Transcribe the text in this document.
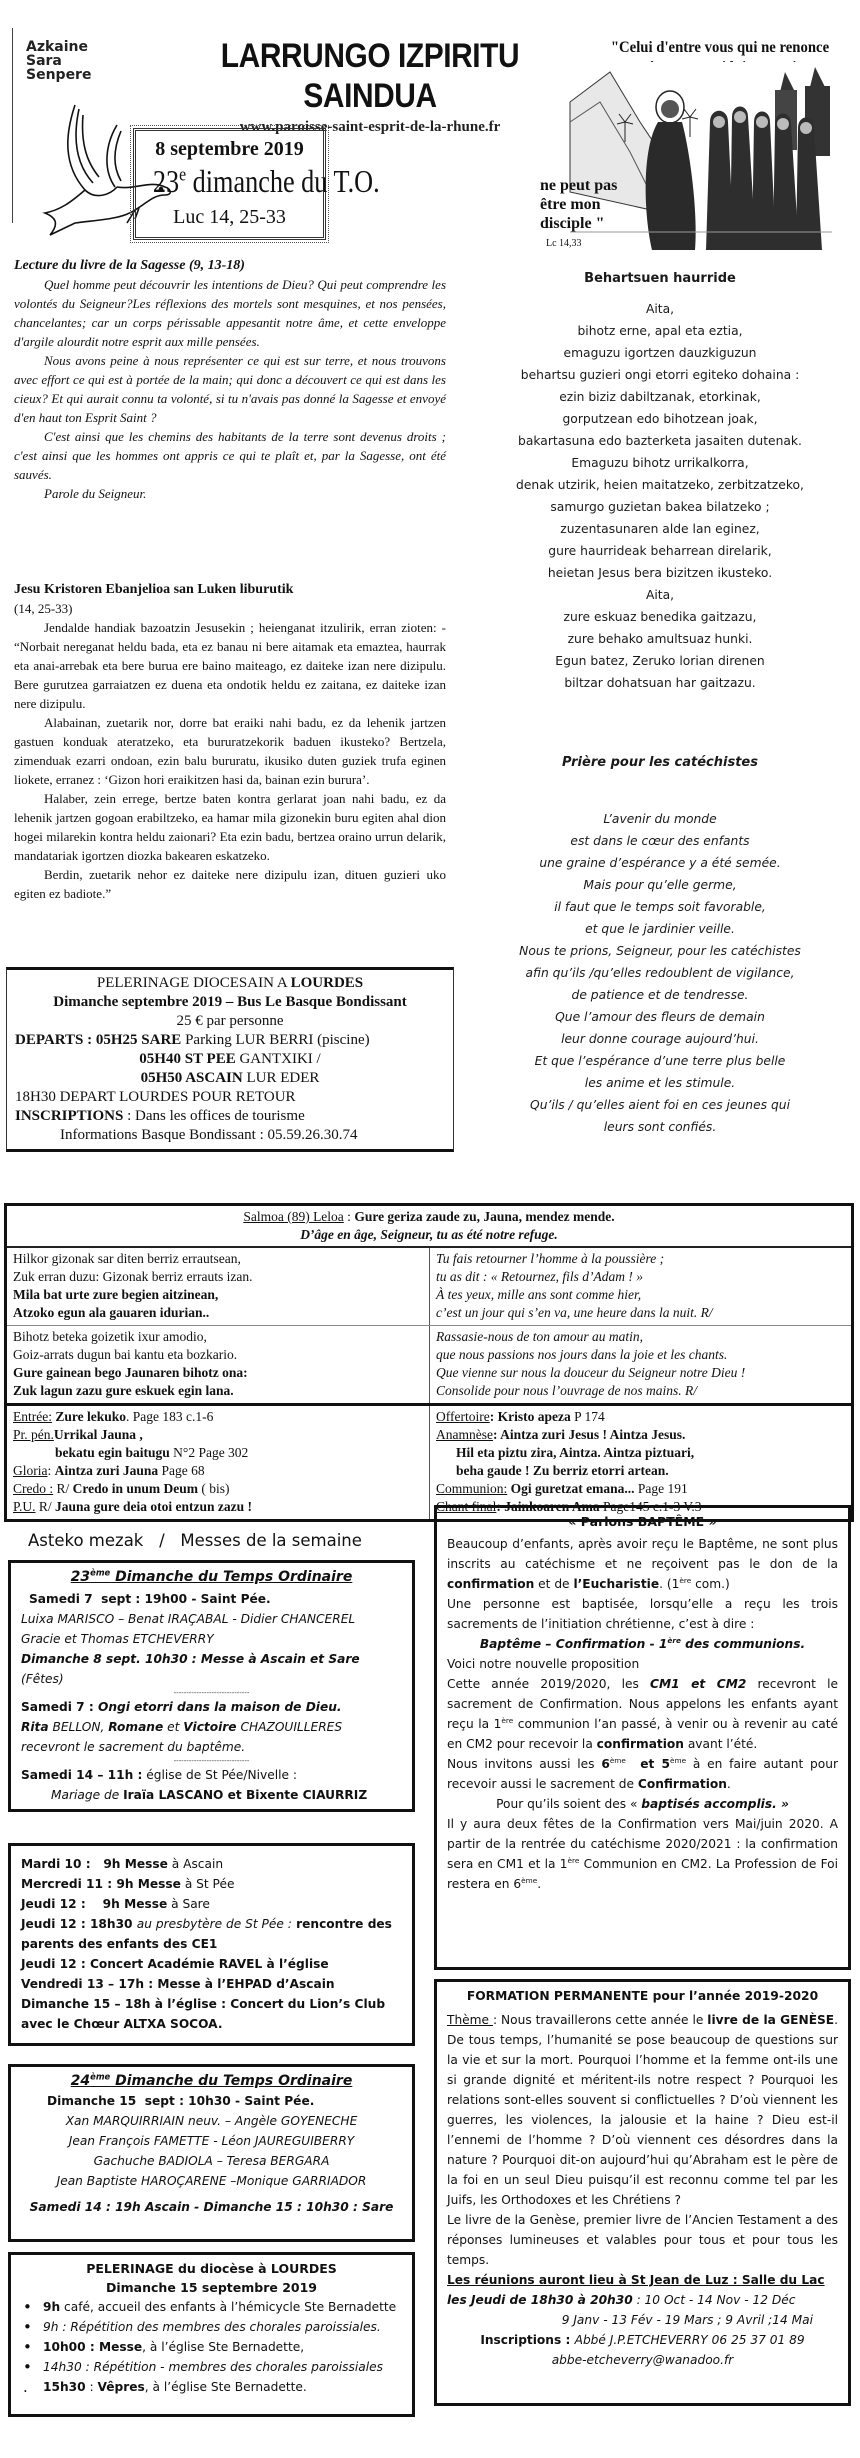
Azkaine
Sara
Senpere	LARRUNGO IZPIRITU SAINDUA
www.paroisse-saint-esprit-de-la-rhune.fr
8 septembre 2019
23e dimanche du T.O.
Luc 14, 25-33
"Celui d'entre vous qui ne renonce
ne peut pas
être mon
disciple "
Lc 14,33
Lecture du livre de la Sagesse (9, 13-18)

Quel homme peut découvrir les intentions de Dieu? Qui peut comprendre les volontés du Seigneur?Les réflexions des mortels sont mesquines, et nos pensées, chancelantes; car un corps périssable appesantit notre âme, et cette enveloppe d'argile alourdit notre esprit aux mille pensées.

Nous avons peine à nous représenter ce qui est sur terre, et nous trouvons avec effort ce qui est à portée de la main; qui donc a découvert ce qui est dans les cieux? Et qui aurait connu ta volonté, si tu n'avais pas donné la Sagesse et envoyé d'en haut ton Esprit Saint ?

C'est ainsi que les chemins des habitants de la terre sont devenus droits ; c'est ainsi que les hommes ont appris ce qui te plaît et, par la Sagesse, ont été sauvés.

Parole du Seigneur.

Jesu Kristoren Ebanjelioa san Luken liburutik
(14, 25-33)

Jendalde handiak bazoatzin Jesusekin ; heienganat itzulirik, erran zioten: - “Norbait nereganat heldu bada, eta ez banau ni bere aitamak eta emaztea, haurrak eta anai-arrebak eta bere burua ere baino maiteago, ez daiteke izan nere dizipulu. Bere gurutzea garraiatzen ez duena eta ondotik heldu ez zaitana, ez daiteke izan nere dizipulu.

Alabainan, zuetarik nor, dorre bat eraiki nahi badu, ez da lehenik jartzen gastuen konduak ateratzeko, eta bururatzekorik baduen ikusteko? Bertzela, zimenduak ezarri ondoan, ezin balu bururatu, ikusiko duten guziek trufa eginen liokete, erranez : ‘Gizon hori eraikitzen hasi da, bainan ezin burura’.

Halaber, zein errege, bertze baten kontra gerlarat joan nahi badu, ez da lehenik jartzen gogoan erabiltzeko, ea hamar mila gizonekin buru egiten ahal dion hogei milarekin kontra heldu zaionari? Eta ezin badu, bertzea oraino urrun delarik, mandatariak igortzen diozka bakearen eskatzeko.

Berdin, zuetarik nehor ez daiteke nere dizipulu izan, dituen guzieri uko egiten ez badiote.”

PELERINAGE DIOCESAIN A LOURDES
Dimanche septembre 2019 – Bus Le Basque Bondissant
25 € par personne
DEPARTS : 05H25 SARE Parking LUR BERRI (piscine)
05H40 ST PEE GANTXIKI /
05H50 ASCAIN LUR EDER
18H30 DEPART LOURDES POUR RETOUR
INSCRIPTIONS : Dans les offices de tourisme
Informations Basque Bondissant : 05.59.26.30.74
Behartsuen haurride
Aita,
bihotz erne, apal eta eztia,
emaguzu igortzen dauzkiguzun
behartsu guzieri ongi etorri egiteko dohaina :
ezin biziz dabiltzanak, etorkinak,
gorputzean edo bihotzean joak,
bakartasuna edo bazterketa jasaiten dutenak.
Emaguzu bihotz urrikalkorra,
denak utzirik, heien maitatzeko, zerbitzatzeko,
samurgo guzietan bakea bilatzeko ;
zuzentasunaren alde lan eginez,
gure haurrideak beharrean direlarik,
heietan Jesus bera bizitzen ikusteko.
Aita,
zure eskuaz benedika gaitzazu,
zure behako amultsuaz hunki.
Egun batez, Zeruko lorian direnen
biltzar dohatsuan har gaitzazu.
Prière pour les catéchistes
L’avenir du monde
est dans le cœur des enfants
une graine d’espérance y a été semée.
Mais pour qu’elle germe,
il faut que le temps soit favorable,
et que le jardinier veille.
Nous te prions, Seigneur, pour les catéchistes
afin qu’ils /qu’elles redoublent de vigilance,
de patience et de tendresse.
Que l’amour des fleurs de demain
leur donne courage aujourd’hui.
Et que l’espérance d’une terre plus belle
les anime et les stimule.
Qu’ils / qu’elles aient foi en ces jeunes qui
leurs sont confiés.
Salmoa (89) Leloa : Gure geriza zaude zu, Jauna, mendez mende.
D’âge en âge, Seigneur, tu as été notre refuge.
Hilkor gizonak sar diten berriz errautsean,
Zuk erran duzu: Gizonak berriz errauts izan.
Mila bat urte zure begien aitzinean,
Atzoko egun ala gauaren idurian..
Tu fais retourner l’homme à la poussière ;
tu as dit : « Retournez, fils d’Adam ! »
À tes yeux, mille ans sont comme hier,
c’est un jour qui s’en va, une heure dans la nuit. R/
Bihotz beteka goizetik ixur amodio,
Goiz-arrats dugun bai kantu eta bozkario.
Gure gainean bego Jaunaren bihotz ona:
Zuk lagun zazu gure eskuek egin lana.
Rassasie-nous de ton amour au matin,
que nous passions nos jours dans la joie et les chants.
Que vienne sur nous la douceur du Seigneur notre Dieu !
Consolide pour nous l’ouvrage de nos mains. R/
Entrée: Zure lekuko. Page 183 c.1-6
Pr. pén.Urrikal Jauna ,
bekatu egin baitugu N°2 Page 302
Gloria: Aintza zuri Jauna Page 68
Credo : R/ Credo in unum Deum ( bis)
P.U. R/ Jauna gure deia otoi entzun zazu !
Offertoire: Kristo apeza P 174
Anamnèse: Aintza zuri Jesus ! Aintza Jesus.
Hil eta piztu zira, Aintza. Aintza piztuari,
beha gaude ! Zu berriz etorri artean.
Communion: Ogi guretzat emana... Page 191
Chant final: Jainkoaren Ama Page145 c.1-3 V.3
Asteko mezak   /   Messes de la semaine
23ème Dimanche du Temps Ordinaire
Samedi 7  sept : 19h00 - Saint Pée.
Luixa MARISCO – Benat IRAÇABAL - Didier CHANCEREL
Gracie et Thomas ETCHEVERRY
Dimanche 8 sept. 10h30 : Messe à Ascain et Sare (Fêtes)
------------------------------
Samedi 7 : Ongi etorri dans la maison de Dieu.
Rita BELLON, Romane et Victoire CHAZOUILLERES
recevront le sacrement du baptême.
------------------------------
Samedi 14 – 11h : église de St Pée/Nivelle :
Mariage de Iraïa LASCANO et Bixente CIAURRIZ
Mardi 10 :   9h Messe à Ascain
Mercredi 11 : 9h Messe à St Pée
Jeudi 12 :    9h Messe à Sare
Jeudi 12 : 18h30 au presbytère de St Pée : rencontre des parents des enfants des CE1
Jeudi 12 : Concert Académie RAVEL à l’église
Vendredi 13 – 17h : Messe à l’EHPAD d’Ascain
Dimanche 15 – 18h à l’église : Concert du Lion’s Club avec le Chœur ALTXA SOCOA.
24ème Dimanche du Temps Ordinaire
Dimanche 15  sept : 10h30 - Saint Pée.
Xan MARQUIRRIAIN neuv. – Angèle GOYENECHE
Jean François FAMETTE - Léon JAUREGUIBERRY
Gachuche BADIOLA – Teresa BERGARA
Jean Baptiste HAROÇARENE –Monique GARRIADOR
Samedi 14 : 19h Ascain - Dimanche 15 : 10h30 : Sare
PELERINAGE du diocèse à LOURDES
Dimanche 15 septembre 2019
• 9h café, accueil des enfants à l’hémicycle Ste Bernadette
• 9h : Répétition des membres des chorales paroissiales.
• 10h00 : Messe, à l’église Ste Bernadette,
• 14h30 : Répétition - membres des chorales paroissiales
. 15h30 : Vêpres, à l’église Ste Bernadette.
« Parlons BAPTÊME »
Beaucoup d’enfants, après avoir reçu le Baptême, ne sont plus inscrits au catéchisme et ne reçoivent pas le don de la confirmation et de l’Eucharistie. (1ère com.)
Une personne est baptisée, lorsqu’elle a reçu les trois sacrements de l’initiation chrétienne, c’est à dire :
Baptême – Confirmation - 1ère des communions.
Voici notre nouvelle proposition
Cette année 2019/2020, les CM1 et CM2 recevront le sacrement de Confirmation. Nous appelons les enfants ayant reçu la 1ère communion l’an passé, à venir ou à revenir au caté en CM2 pour recevoir la confirmation avant l’été.
Nous invitons aussi les 6ème  et 5ème à en faire autant pour recevoir aussi le sacrement de Confirmation.
Pour qu’ils soient des « baptisés accomplis. »
Il y aura deux fêtes de la Confirmation vers Mai/juin 2020. A partir de la rentrée du catéchisme 2020/2021 : la confirmation sera en CM1 et la 1ère Communion en CM2. La Profession de Foi restera en 6ème.
FORMATION PERMANENTE pour l’année 2019-2020
Thème : Nous travaillerons cette année le livre de la GENÈSE. De tous temps, l’humanité se pose beaucoup de questions sur la vie et sur la mort. Pourquoi l’homme et la femme ont-ils une si grande dignité et méritent-ils notre respect ? Pourquoi les relations sont-elles souvent si conflictuelles ? D’où viennent les guerres, les violences, la jalousie et la haine ? Dieu est-il l’ennemi de l’homme ? D’où viennent ces désordres dans la nature ? Pourquoi dit-on aujourd’hui qu’Abraham est le père de la foi en un seul Dieu puisqu’il est reconnu comme tel par les Juifs, les Orthodoxes et les Chrétiens ?
Le livre de la Genèse, premier livre de l’Ancien Testament a des réponses lumineuses et valables pour tous et pour tous les temps.
Les réunions auront lieu à St Jean de Luz : Salle du Lac
les Jeudi de 18h30 à 20h30 : 10 Oct - 14 Nov - 12 Déc
9 Janv - 13 Fév - 19 Mars ; 9 Avril ;14 Mai
Inscriptions : Abbé J.P.ETCHEVERRY 06 25 37 01 89
abbe-etcheverry@wanadoo.fr
